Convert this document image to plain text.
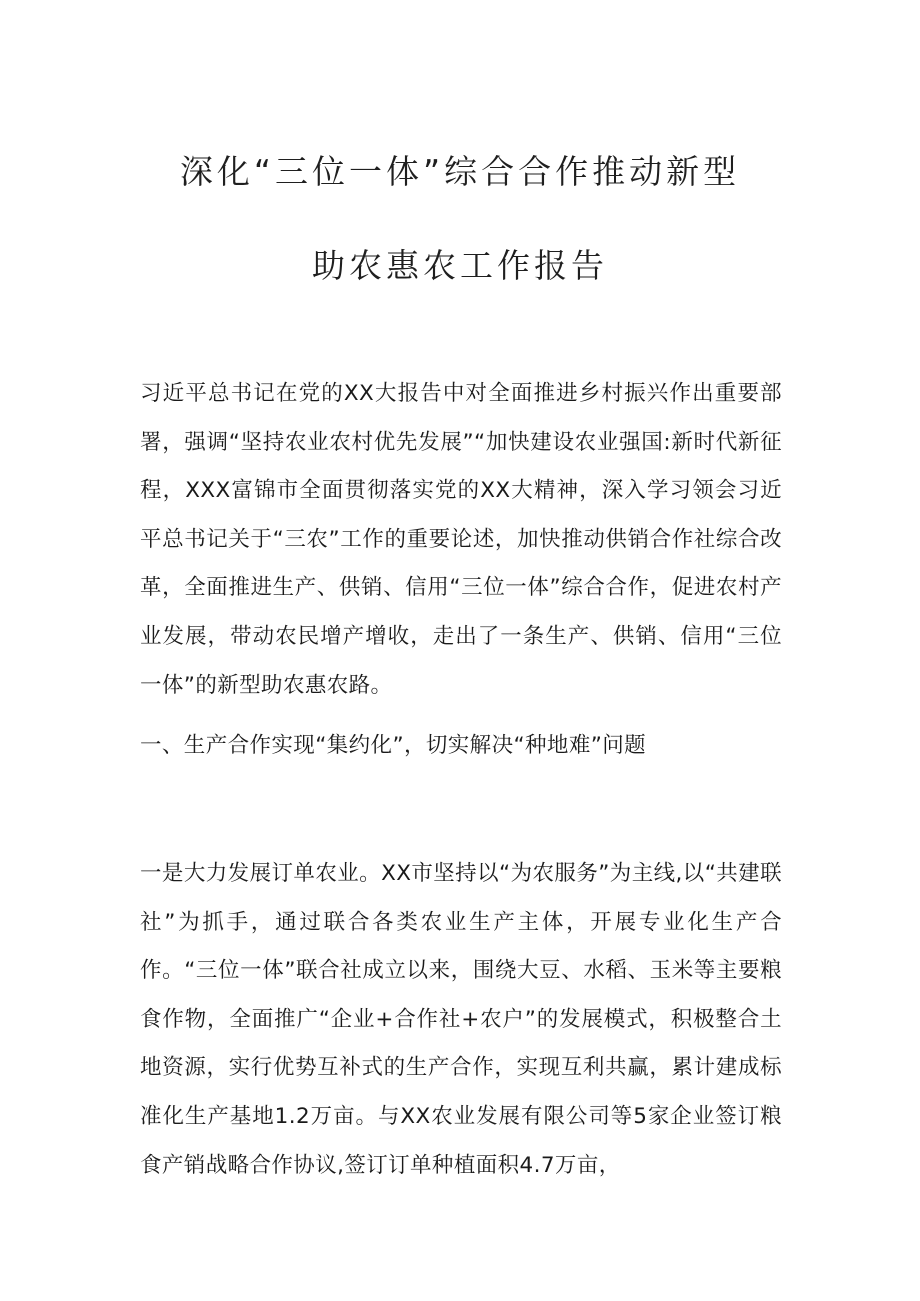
深化“三位一体”综合合作推动新型
助农惠农工作报告

习近平总书记在党的XX大报告中对全面推进乡村振兴作出重要部署，强调“坚持农业农村优先发展”“加快建设农业强国:新时代新征程，XXX富锦市全面贯彻落实党的XX大精神，深入学习领会习近平总书记关于“三农”工作的重要论述，加快推动供销合作社综合改革，全面推进生产、供销、信用“三位一体”综合合作，促进农村产业发展，带动农民增产增收，走出了一条生产、供销、信用“三位一体”的新型助农惠农路。

一、生产合作实现“集约化”，切实解决“种地难”问题

一是大力发展订单农业。XX市坚持以“为农服务”为主线,以“共建联社”为抓手，通过联合各类农业生产主体，开展专业化生产合作。“三位一体”联合社成立以来，围绕大豆、水稻、玉米等主要粮食作物，全面推广“企业+合作社+农户”的发展模式，积极整合土地资源，实行优势互补式的生产合作，实现互利共赢，累计建成标准化生产基地1.2万亩。与XX农业发展有限公司等5家企业签订粮食产销战略合作协议,签订订单种植面积4.7万亩，
